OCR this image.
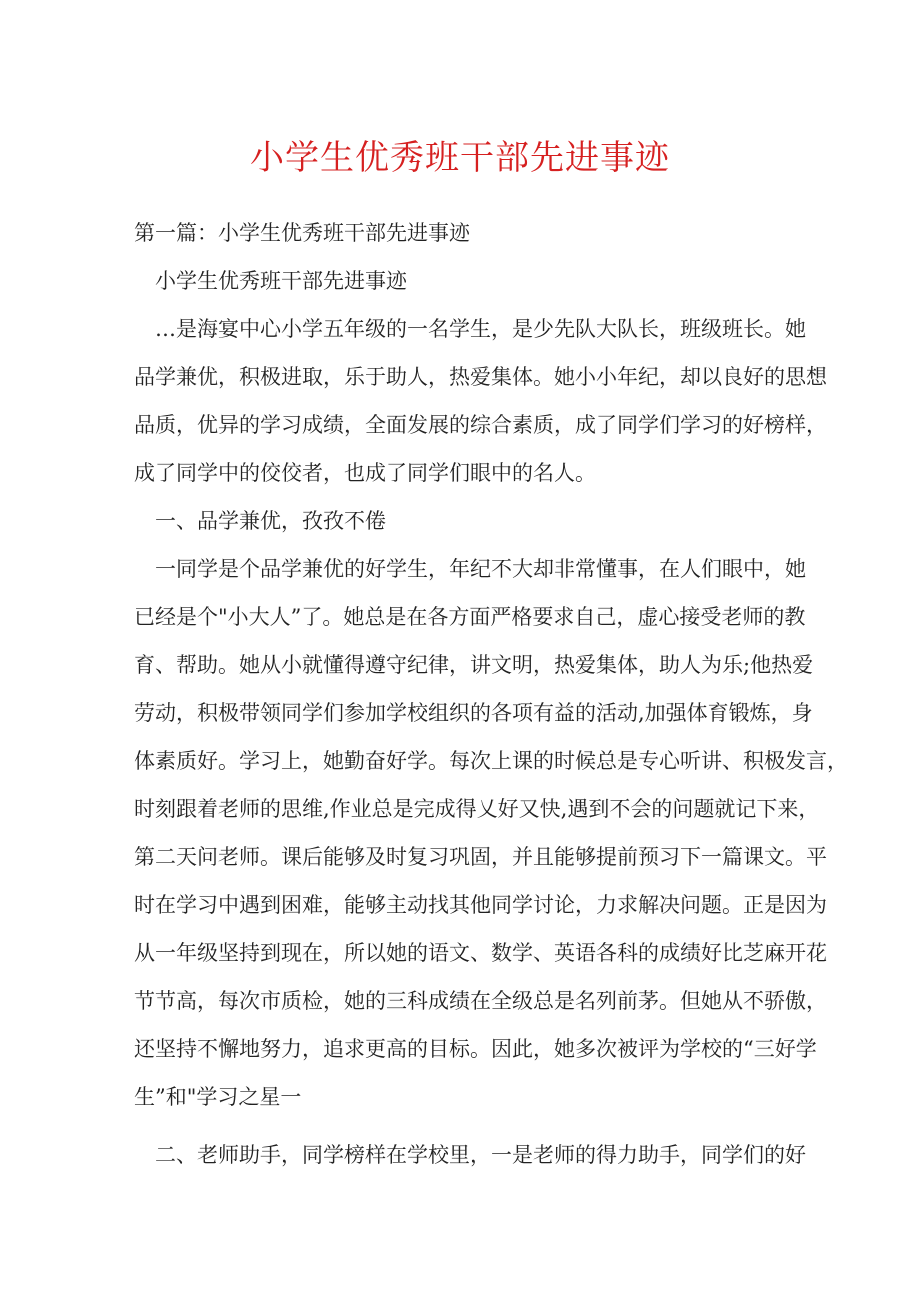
小学生优秀班干部先进事迹

第一篇：小学生优秀班干部先进事迹

小学生优秀班干部先进事迹

…是海宴中心小学五年级的一名学生，是少先队大队长，班级班长。她

品学兼优，积极进取，乐于助人，热爱集体。她小小年纪，却以良好的思想

品质，优异的学习成绩，全面发展的综合素质，成了同学们学习的好榜样，

成了同学中的佼佼者，也成了同学们眼中的名人。

一、品学兼优，孜孜不倦

一同学是个品学兼优的好学生，年纪不大却非常懂事，在人们眼中，她

已经是个"小大人”了。她总是在各方面严格要求自己，虚心接受老师的教

育、帮助。她从小就懂得遵守纪律，讲文明，热爱集体，助人为乐;他热爱

劳动，积极带领同学们参加学校组织的各项有益的活动,加强体育锻炼，身

体素质好。学习上，她勤奋好学。每次上课的时候总是专心听讲、积极发言，

时刻跟着老师的思维,作业总是完成得乂好又快,遇到不会的问题就记下来，

第二天问老师。课后能够及时复习巩固，并且能够提前预习下一篇课文。平

时在学习中遇到困难，能够主动找其他同学讨论，力求解决问题。正是因为

从一年级坚持到现在，所以她的语文、数学、英语各科的成绩好比芝麻开花

节节高，每次市质检，她的三科成绩在全级总是名列前茅。但她从不骄傲，

还坚持不懈地努力，追求更高的目标。因此，她多次被评为学校的“三好学

生”和"学习之星一

二、老师助手，同学榜样在学校里，一是老师的得力助手，同学们的好
